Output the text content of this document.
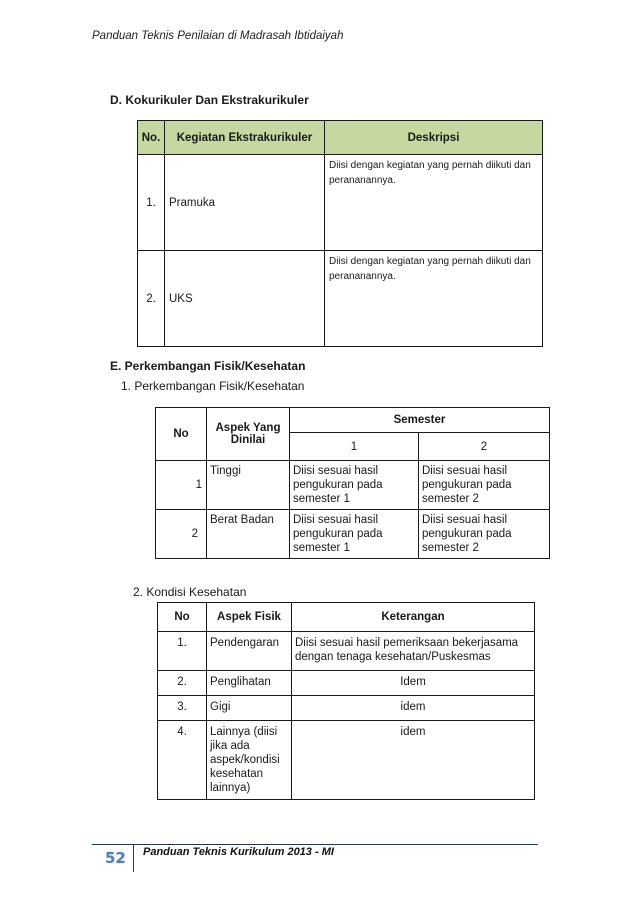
Panduan Teknis Penilaian di Madrasah Ibtidaiyah
D. Kokurikuler Dan Ekstrakurikuler
No.	Kegiatan Ekstrakurikuler	Deskripsi
1.	Pramuka	Diisi dengan kegiatan yang pernah diikuti dan perananannya.
2.	UKS	Diisi dengan kegiatan yang pernah diikuti dan perananannya.
E. Perkembangan Fisik/Kesehatan
1. Perkembangan Fisik/Kesehatan
No	Aspek Yang Dinilai	Semester	
		1	2
1	Tinggi	Diisi sesuai hasil pengukuran pada semester 1	Diisi sesuai hasil pengukuran pada semester 2
2	Berat Badan	Diisi sesuai hasil pengukuran pada semester 1	Diisi sesuai hasil pengukuran pada semester 2
2. Kondisi Kesehatan
No	Aspek Fisik	Keterangan
1.	Pendengaran	Diisi sesuai hasil pemeriksaan bekerjasama dengan tenaga kesehatan/Puskesmas
2.	Penglihatan	Idem
3.	Gigi	idem
4.	Lainnya (diisi jika ada aspek/kondisi kesehatan lainnya)	idem
52 Panduan Teknis Kurikulum 2013 - MI
